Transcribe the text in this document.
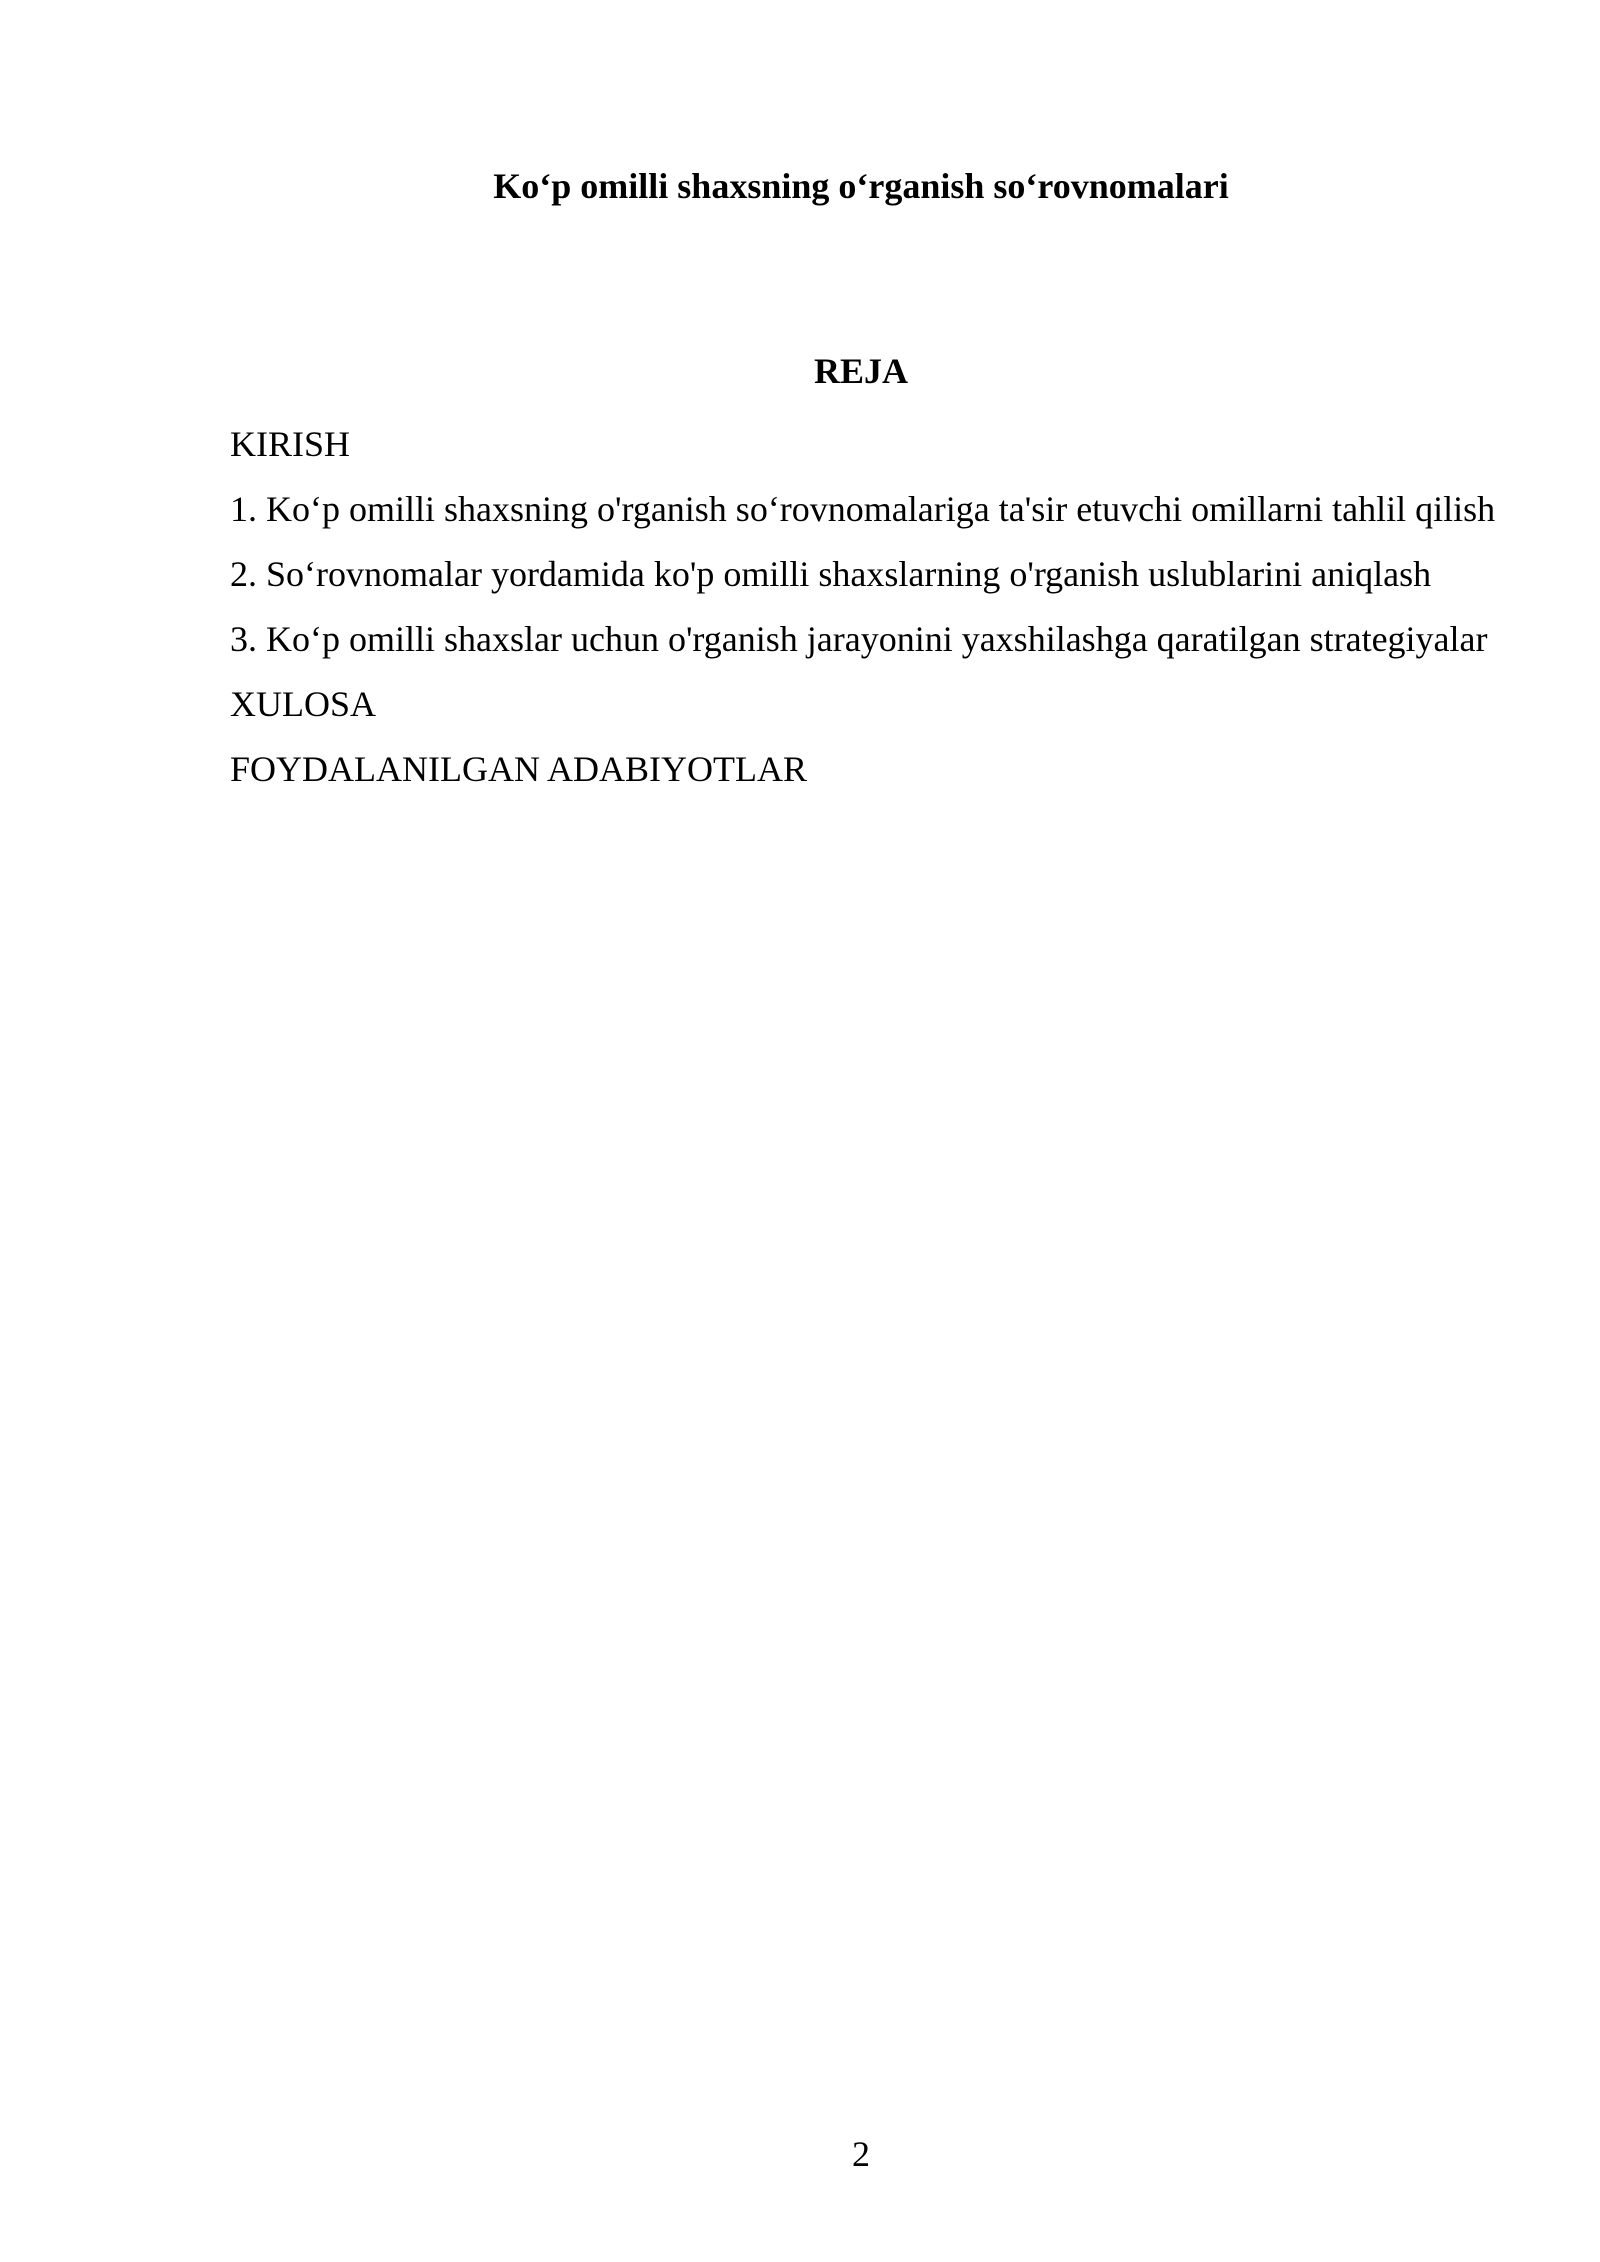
Ko‘p omilli shaxsning o‘rganish so‘rovnomalari
REJA
KIRISH
1. Ko‘p omilli shaxsning o'rganish so‘rovnomalariga ta'sir etuvchi omillarni tahlil qilish
2. So‘rovnomalar yordamida ko'p omilli shaxslarning o'rganish uslublarini aniqlash
3. Ko‘p omilli shaxslar uchun o'rganish jarayonini yaxshilashga qaratilgan strategiyalar
XULOSA
FOYDALANILGAN ADABIYOTLAR
2
